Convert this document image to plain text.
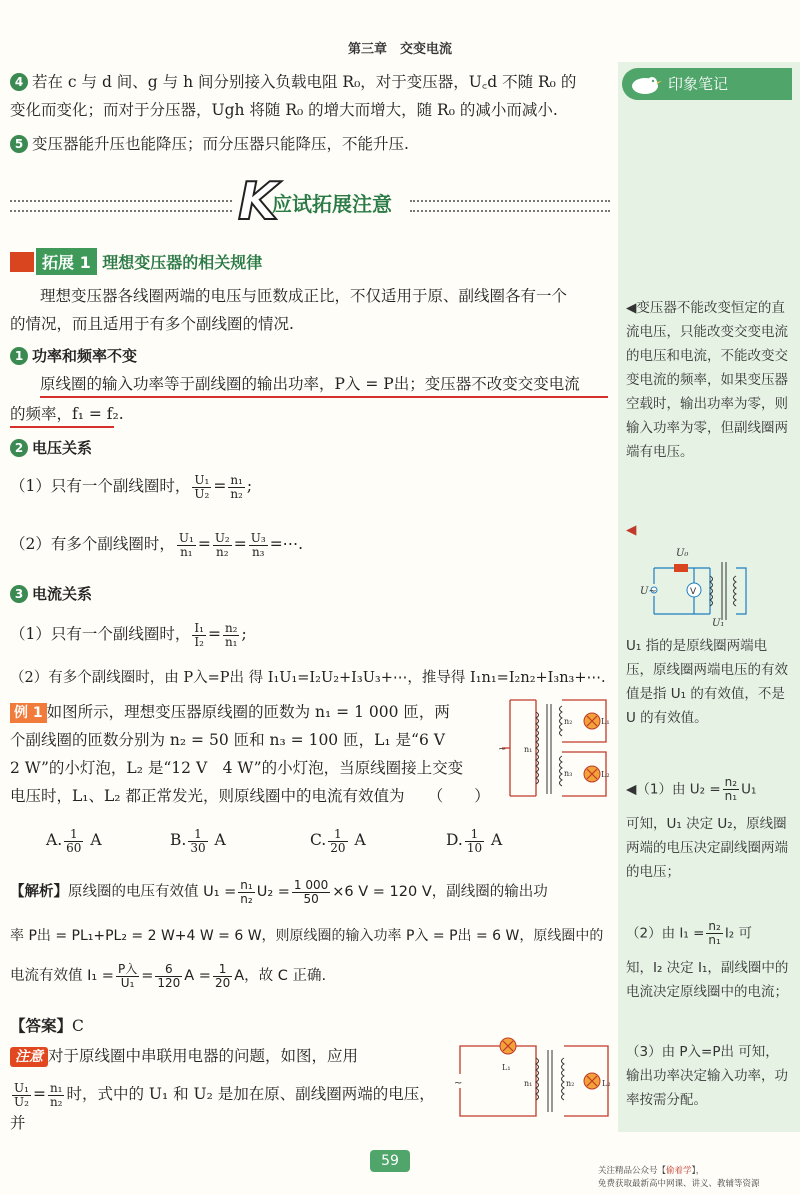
第三章　交变电流
印象笔记
4 若在 c 与 d 间、g 与 h 间分别接入负载电阻 R₀，对于变压器，U꜀d 不随 R₀ 的
变化而变化；而对于分压器，Ugh 将随 R₀ 的增大而增大，随 R₀ 的减小而减小.
5 变压器能升压也能降压；而分压器只能降压，不能升压.
K
应试拓展注意
拓展 1 理想变压器的相关规律
理想变压器各线圈两端的电压与匝数成正比，不仅适用于原、副线圈各有一个
的情况，而且适用于有多个副线圈的情况.
1 功率和频率不变
原线圈的输入功率等于副线圈的输出功率，P入 = P出；变压器不改变交变电流
的频率，f₁ = f₂.
2 电压关系
（1）只有一个副线圈时， $\frac{\text{U₁}}{\text{U₂}} = \frac{\text{n₁}}{\text{n₂}}$ ;
（2）有多个副线圈时， $\frac{\text{U₁}}{\text{n₁}} = \frac{\text{U₂}}{\text{n₂}} = \frac{\text{U₃}}{\text{n₃}}$ =⋯.
3 电流关系
（1）只有一个副线圈时， $\frac{\text{I₁}}{\text{I₂}} = \frac{\text{n₂}}{\text{n₁}}$ ;
（2）有多个副线圈时，由 P入=P出 得 I₁U₁=I₂U₂+I₃U₃+⋯，推导得 I₁n₁=I₂n₂+I₃n₃+⋯.
例 1 如图所示，理想变压器原线圈的匝数为 n₁ = 1 000 匝，两
个副线圈的匝数分别为 n₂ = 50 匝和 n₃ = 100 匝，L₁ 是“6 V
2 W”的小灯泡，L₂ 是“12 V　4 W”的小灯泡，当原线圈接上交变
电压时，L₁、L₂ 都正常发光，则原线圈中的电流有效值为　　（　　）
~ n₁
n₂
n₃
L₁
L₂
A. $\frac{1}{60}$ A	B. $\frac{1}{30}$ A	C. $\frac{1}{20}$ A	D. $\frac{1}{10}$ A
【解析】原线圈的电压有效值 $U_1 = \frac{\text{n₁}}{\text{n₂}} U_2 = \frac{1 000}{50} \times 6$ V = 120 V，副线圈的输出功
率 P出 = PL₁+PL₂ = 2 W+4 W = 6 W，则原线圈的输入功率 P入 = P出 = 6 W，原线圈中的
电流有效值 $I_1 = \frac{\text{P入}}{\text{U₁}} = \frac{6}{120}$ $A = \frac{1}{20}$ A，故 C 正确.
【答案】C
注意 对于原线圈中串联用电器的问题，如图，应用
$\frac{\text{U₁}}{\text{U₂}} = \frac{\text{n₁}}{\text{n₂}}$ 时，式中的 U₁ 和 U₂ 是加在原、副线圈两端的电压，并
~
L₁
n₁	n₂	L₂
◀变压器不能改变恒定的直流电压，只能改变交变电流的电压和电流，不能改变交变电流的频率，如果变压器空载时，输出功率为零，则输入功率为零，但副线圈两端有电压。
◀
V
U₀
U~
U₁
U₁ 指的是原线圈两端电压，原线圈两端电压的有效值是指 U₁ 的有效值，不是 U 的有效值。
◀（1）由 $U_2 = \frac{\text{n₂}}{\text{n₁}} U_1$
可知，U₁ 决定 U₂，原线圈两端的电压决定副线圈两端的电压；
（2）由 $I_1 = \frac{\text{n₂}}{\text{n₁}} I_2$ 可
知，I₂ 决定 I₁，副线圈中的电流决定原线圈中的电流；
（3）由 P入=P出 可知，输出功率决定输入功率，功率按需分配。
59
关注精品公众号【偷着学】，
免费获取最新高中网课、讲义、教辅等资源
